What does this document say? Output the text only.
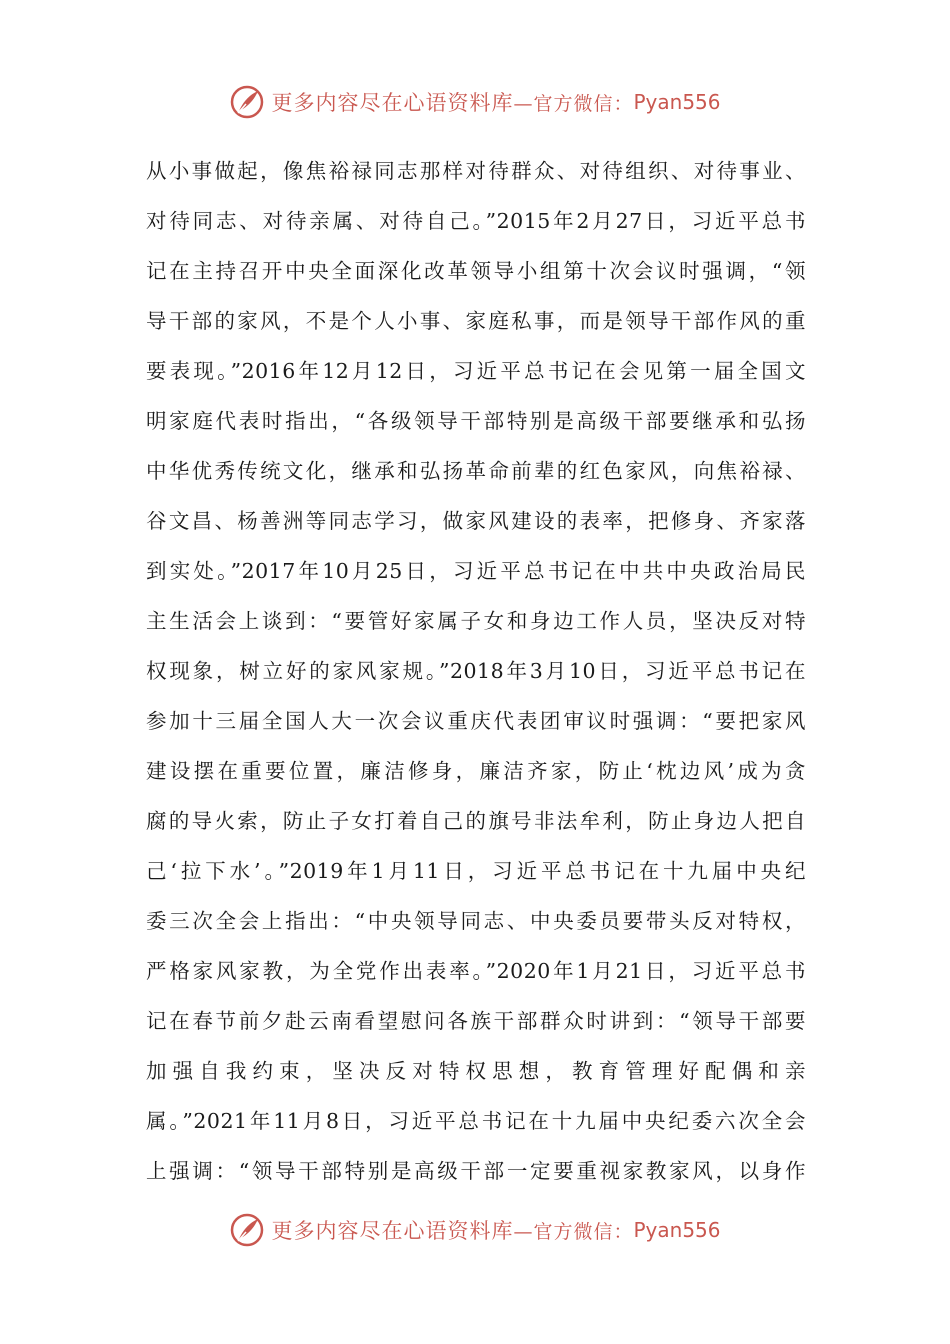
更多内容尽在心语资料库 —官方微信： Pyan556
从小事做起，像焦裕禄同志那样对待群众、对待组织、对待事业、
对待同志、对待亲属、对待自己。”2015年2月27日，习近平总书
记在主持召开中央全面深化改革领导小组第十次会议时强调，“领
导干部的家风，不是个人小事、家庭私事，而是领导干部作风的重
要表现。”2016年12月12日，习近平总书记在会见第一届全国文
明家庭代表时指出，“各级领导干部特别是高级干部要继承和弘扬
中华优秀传统文化，继承和弘扬革命前辈的红色家风，向焦裕禄、
谷文昌、杨善洲等同志学习，做家风建设的表率，把修身、齐家落
到实处。”2017年10月25日，习近平总书记在中共中央政治局民
主生活会上谈到：“要管好家属子女和身边工作人员，坚决反对特
权现象，树立好的家风家规。”2018年3月10日，习近平总书记在
参加十三届全国人大一次会议重庆代表团审议时强调：“要把家风
建设摆在重要位置，廉洁修身，廉洁齐家，防止‘枕边风’成为贪
腐的导火索，防止子女打着自己的旗号非法牟利，防止身边人把自
己‘拉下水’。”2019年1月11日，习近平总书记在十九届中央纪
委三次全会上指出：“中央领导同志、中央委员要带头反对特权，
严格家风家教，为全党作出表率。”2020年1月21日，习近平总书
记在春节前夕赴云南看望慰问各族干部群众时讲到：“领导干部要
加强自我约束，坚决反对特权思想，教育管理好配偶和亲
属。”2021年11月8日，习近平总书记在十九届中央纪委六次全会
上强调：“领导干部特别是高级干部一定要重视家教家风，以身作
更多内容尽在心语资料库 —官方微信： Pyan556
